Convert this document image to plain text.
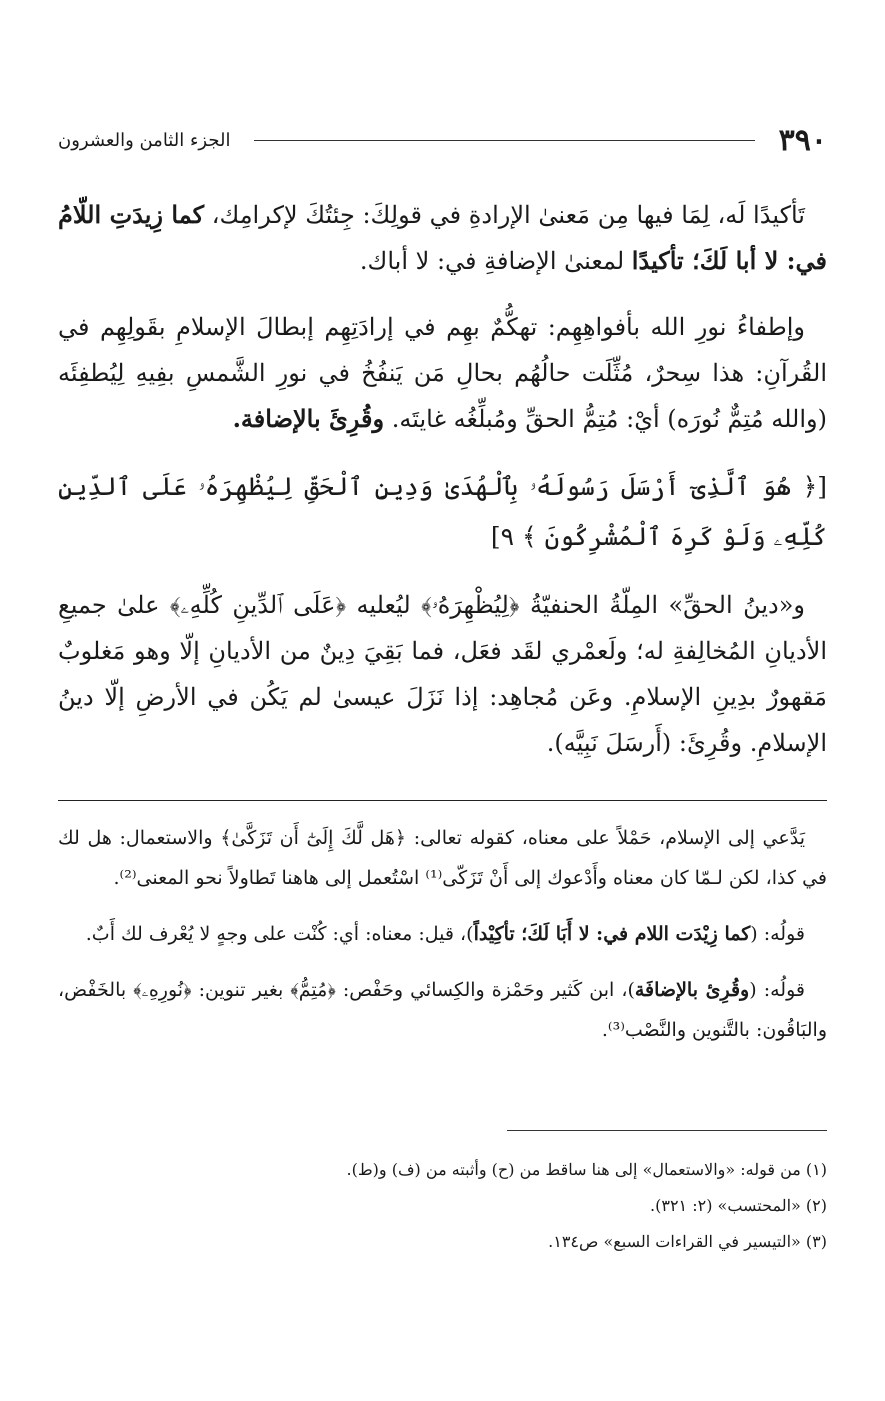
٣٩٠
الجزء الثامن والعشرون

تَأكيدًا لَه، لِمَا فيها مِن مَعنىٰ الإرادةِ في قولِكَ: جِئتُكَ لإكرامِك، كما زِيدَتِ اللّامُ في: لا أبا لَكَ؛ تأكيدًا لمعنىٰ الإضافةِ في: لا أباك.

وإطفاءُ نورِ الله بأفواهِهِم: تهكُّمٌ بهِم في إرادَتِهِم إبطالَ الإسلامِ بقَولِهِم في القُرآنِ: هذا سِحرٌ، مُثِّلَت حالُهُم بحالِ مَن يَنفُخُ في نورِ الشَّمسِ بفِيهِ لِيُطفِئَه (والله مُتِمٌّ نُورَه) أيْ: مُتِمُّ الحقِّ ومُبلِّغُه غايتَه. وقُرِئَ بالإضافة.

[﴿ هُوَ ٱلَّذِىٓ أَرْسَلَ رَسُولَهُۥ بِٱلْهُدَىٰ وَدِينِ ٱلْحَقِّ لِيُظْهِرَهُۥ عَلَى ٱلدِّينِ كُلِّهِۦ وَلَوْ كَرِهَ ٱلْمُشْرِكُونَ ﴾ ٩]

و«دينُ الحقِّ» المِلّةُ الحنفيّةُ ﴿لِيُظْهِرَهُۥ﴾ ليُعليه ﴿عَلَى ٱلدِّينِ كُلِّهِۦ﴾ علىٰ جميعِ الأديانِ المُخالِفةِ له؛ ولَعمْري لقَد فعَل، فما بَقِيَ دِينٌ من الأديانِ إلّا وهو مَغلوبٌ مَقهورٌ بدِينِ الإسلامِ. وعَن مُجاهِد: إذا نَزَلَ عيسىٰ لم يَكُن في الأرضِ إلّا دينُ الإسلامِ. وقُرِئَ: (أَرسَلَ نَبِيَّه).

يَدَّعي إلى الإسلام، حَمْلاً على معناه، كقوله تعالى: ﴿هَل لَّكَ إِلَىٰٓ أَن تَزَكَّىٰ﴾ والاستعمال: هل لك في كذا، لكن لـمّا كان معناه وأَدْعوك إلى أَنْ تَزَكّى⁽¹⁾ اسْتُعمل إلى هاهنا تَطاولاً نحو المعنى⁽²⁾.

قولُه: (كما زِيْدَت اللام في: لا أَبَا لَكَ؛ تأكِيْداً)، قيل: معناه: أي: كُنْت على وجهٍ لا يُعْرف لك أَبٌ.

قولُه: (وقُرِئ بالإضافَة)، ابن كَثير وحَمْزة والكِسائي وحَفْص: ﴿مُتِمُّ﴾ بغير تنوين: ﴿نُورِهِۦ﴾ بالخَفْض، والبَاقُون: بالتَّنوين والنَّصْب⁽³⁾.

(١) من قوله: «والاستعمال» إلى هنا ساقط من (ح) وأثبته من (ف) و(ط).

(٢) «المحتسب» (٢: ٣٢١).

(٣) «التيسير في القراءات السبع» ص١٣٤.
